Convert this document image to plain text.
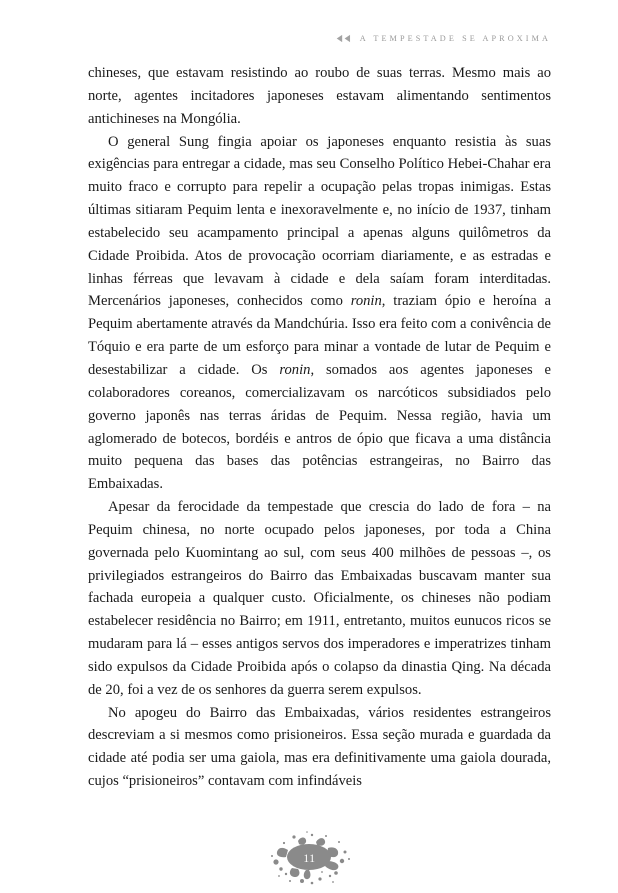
◄◄ A TEMPESTADE SE APROXIMA

chineses, que estavam resistindo ao roubo de suas terras. Mesmo mais ao norte, agentes incitadores japoneses estavam alimentando sentimentos antichineses na Mongólia.

O general Sung fingia apoiar os japoneses enquanto resistia às suas exigências para entregar a cidade, mas seu Conselho Político Hebei-Chahar era muito fraco e corrupto para repelir a ocupação pelas tropas inimigas. Estas últimas sitiaram Pequim lenta e inexoravelmente e, no início de 1937, tinham estabelecido seu acampamento principal a apenas alguns quilômetros da Cidade Proibida. Atos de provocação ocorriam diariamente, e as estradas e linhas férreas que levavam à cidade e dela saíam foram interditadas. Mercenários japoneses, conhecidos como ronin, traziam ópio e heroína a Pequim abertamente através da Mandchúria. Isso era feito com a conivência de Tóquio e era parte de um esforço para minar a vontade de lutar de Pequim e desestabilizar a cidade. Os ronin, somados aos agentes japoneses e colaboradores coreanos, comercializavam os narcóticos subsidiados pelo governo japonês nas terras áridas de Pequim. Nessa região, havia um aglomerado de botecos, bordéis e antros de ópio que ficava a uma distância muito pequena das bases das potências estrangeiras, no Bairro das Embaixadas.

Apesar da ferocidade da tempestade que crescia do lado de fora – na Pequim chinesa, no norte ocupado pelos japoneses, por toda a China governada pelo Kuomintang ao sul, com seus 400 milhões de pessoas –, os privilegiados estrangeiros do Bairro das Embaixadas buscavam manter sua fachada europeia a qualquer custo. Oficialmente, os chineses não podiam estabelecer residência no Bairro; em 1911, entretanto, muitos eunucos ricos se mudaram para lá – esses antigos servos dos imperadores e imperatrizes tinham sido expulsos da Cidade Proibida após o colapso da dinastia Qing. Na década de 20, foi a vez de os senhores da guerra serem expulsos.

No apogeu do Bairro das Embaixadas, vários residentes estrangeiros descreviam a si mesmos como prisioneiros. Essa seção murada e guardada da cidade até podia ser uma gaiola, mas era definitivamente uma gaiola dourada, cujos “prisioneiros” contavam com infindáveis

11
